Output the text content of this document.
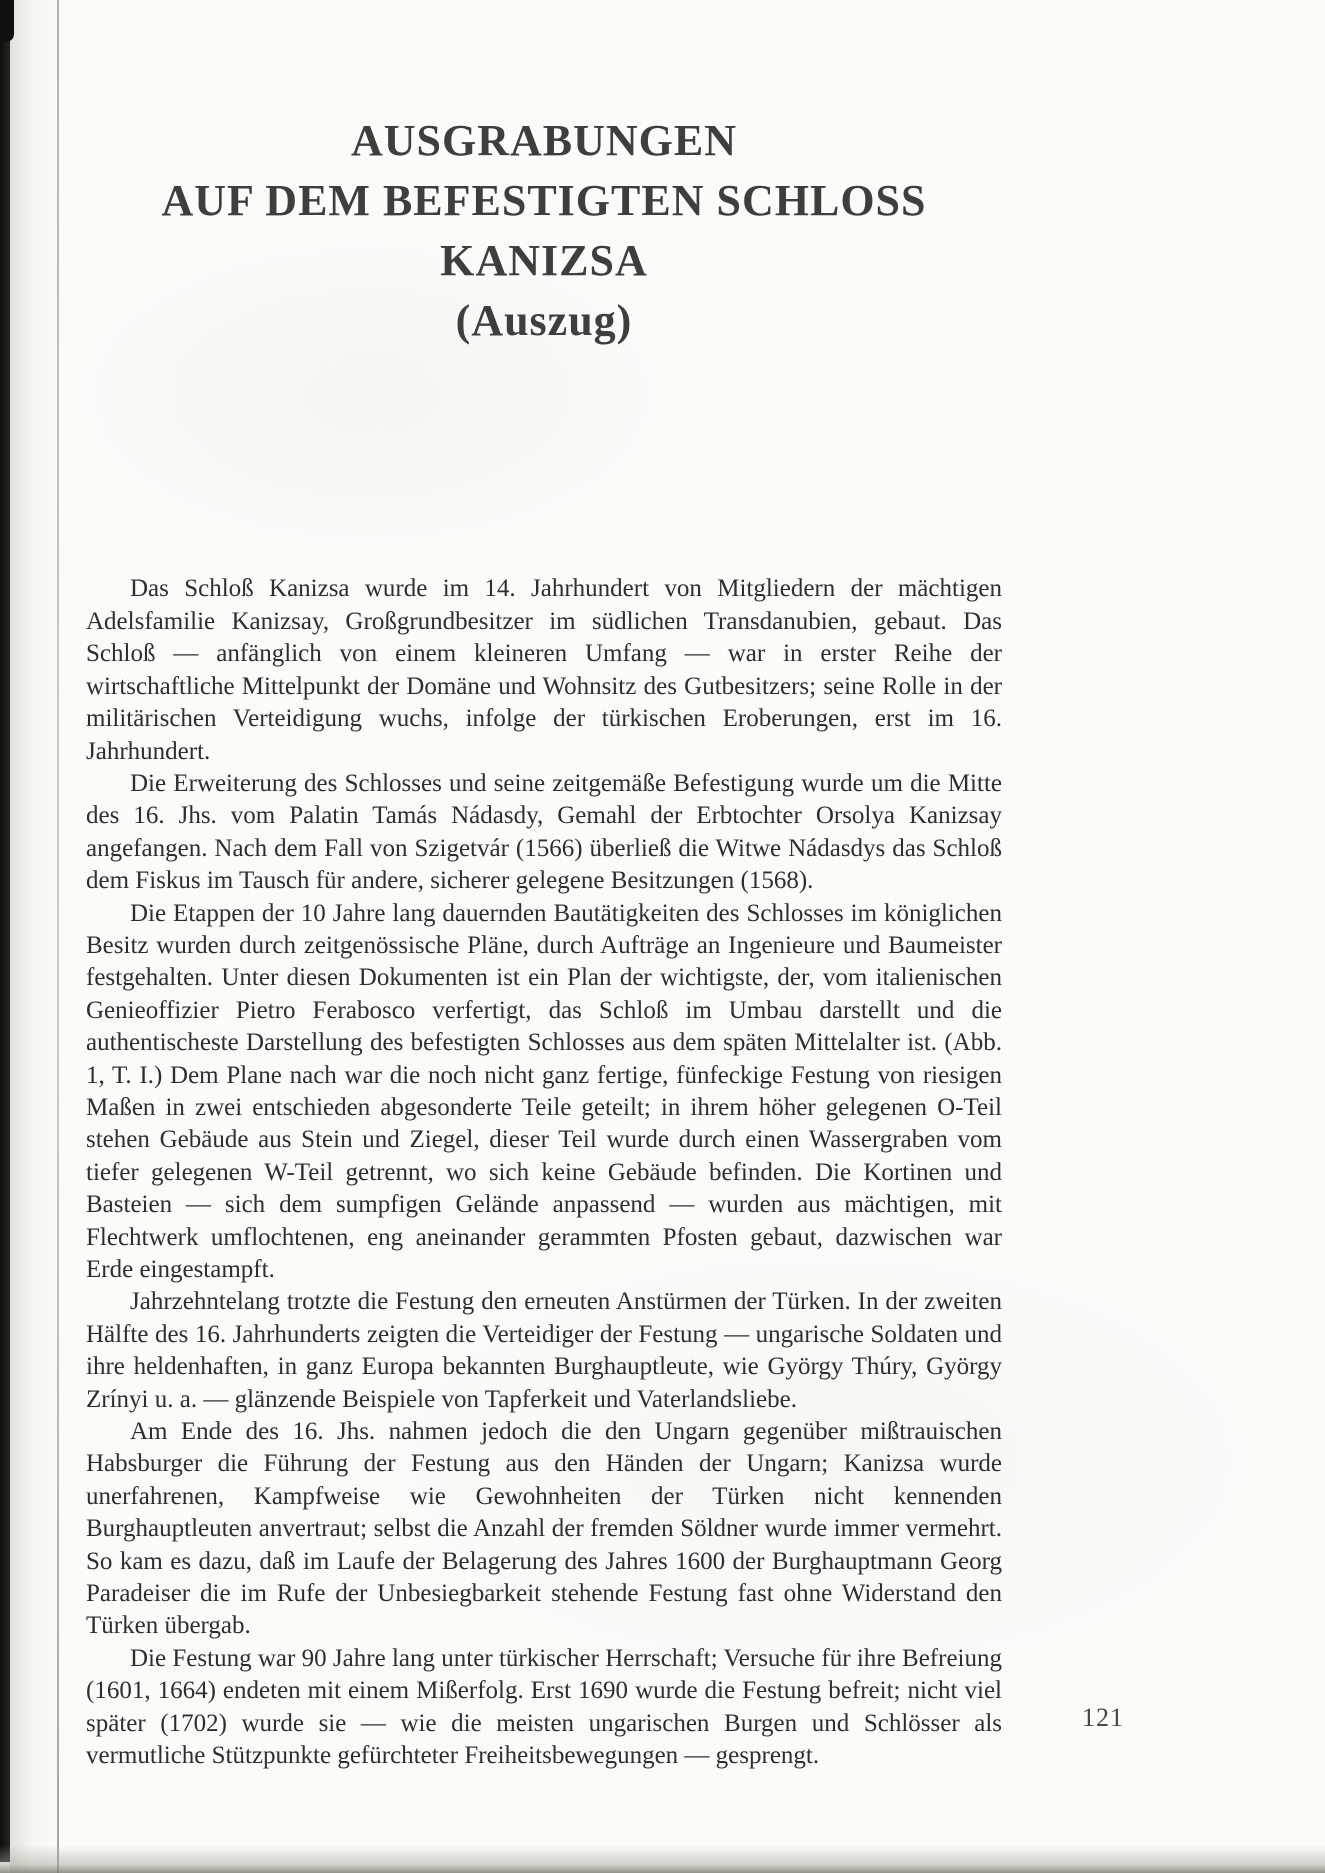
AUSGRABUNGEN
AUF DEM BEFESTIGTEN SCHLOSS
KANIZSA
(Auszug)

Das Schloß Kanizsa wurde im 14. Jahrhundert von Mitgliedern der mächtigen Adelsfamilie Kanizsay, Großgrundbesitzer im südlichen Transdanubien, gebaut. Das Schloß — anfänglich von einem kleineren Umfang — war in erster Reihe der wirtschaftliche Mittelpunkt der Domäne und Wohnsitz des Gutbesitzers; seine Rolle in der militärischen Verteidigung wuchs, infolge der türkischen Eroberungen, erst im 16. Jahrhundert.

Die Erweiterung des Schlosses und seine zeitgemäße Befestigung wurde um die Mitte des 16. Jhs. vom Palatin Tamás Nádasdy, Gemahl der Erbtochter Orsolya Kanizsay angefangen. Nach dem Fall von Szigetvár (1566) überließ die Witwe Nádasdys das Schloß dem Fiskus im Tausch für andere, sicherer gelegene Besitzungen (1568).

Die Etappen der 10 Jahre lang dauernden Bautätigkeiten des Schlosses im königlichen Besitz wurden durch zeitgenössische Pläne, durch Aufträge an Ingenieure und Baumeister festgehalten. Unter diesen Dokumenten ist ein Plan der wichtigste, der, vom italienischen Genieoffizier Pietro Ferabosco verfertigt, das Schloß im Umbau darstellt und die authentischeste Darstellung des befestigten Schlosses aus dem späten Mittelalter ist. (Abb. 1, T. I.) Dem Plane nach war die noch nicht ganz fertige, fünfeckige Festung von riesigen Maßen in zwei entschieden abgesonderte Teile geteilt; in ihrem höher gelegenen O-Teil stehen Gebäude aus Stein und Ziegel, dieser Teil wurde durch einen Wassergraben vom tiefer gelegenen W-Teil getrennt, wo sich keine Gebäude befinden. Die Kortinen und Basteien — sich dem sumpfigen Gelände anpassend — wurden aus mächtigen, mit Flechtwerk umflochtenen, eng aneinander gerammten Pfosten gebaut, dazwischen war Erde eingestampft.

Jahrzehntelang trotzte die Festung den erneuten Anstürmen der Türken. In der zweiten Hälfte des 16. Jahrhunderts zeigten die Verteidiger der Festung — ungarische Soldaten und ihre heldenhaften, in ganz Europa bekannten Burghauptleute, wie György Thúry, György Zrínyi u. a. — glänzende Beispiele von Tapferkeit und Vaterlandsliebe.

Am Ende des 16. Jhs. nahmen jedoch die den Ungarn gegenüber mißtrauischen Habsburger die Führung der Festung aus den Händen der Ungarn; Kanizsa wurde unerfahrenen, Kampfweise wie Gewohnheiten der Türken nicht kennenden Burghauptleuten anvertraut; selbst die Anzahl der fremden Söldner wurde immer vermehrt. So kam es dazu, daß im Laufe der Belagerung des Jahres 1600 der Burghauptmann Georg Paradeiser die im Rufe der Unbesiegbarkeit stehende Festung fast ohne Widerstand den Türken übergab.

Die Festung war 90 Jahre lang unter türkischer Herrschaft; Versuche für ihre Befreiung (1601, 1664) endeten mit einem Mißerfolg. Erst 1690 wurde die Festung befreit; nicht viel später (1702) wurde sie — wie die meisten ungarischen Burgen und Schlösser als vermutliche Stützpunkte gefürchteter Freiheitsbewegungen — gesprengt.

121
